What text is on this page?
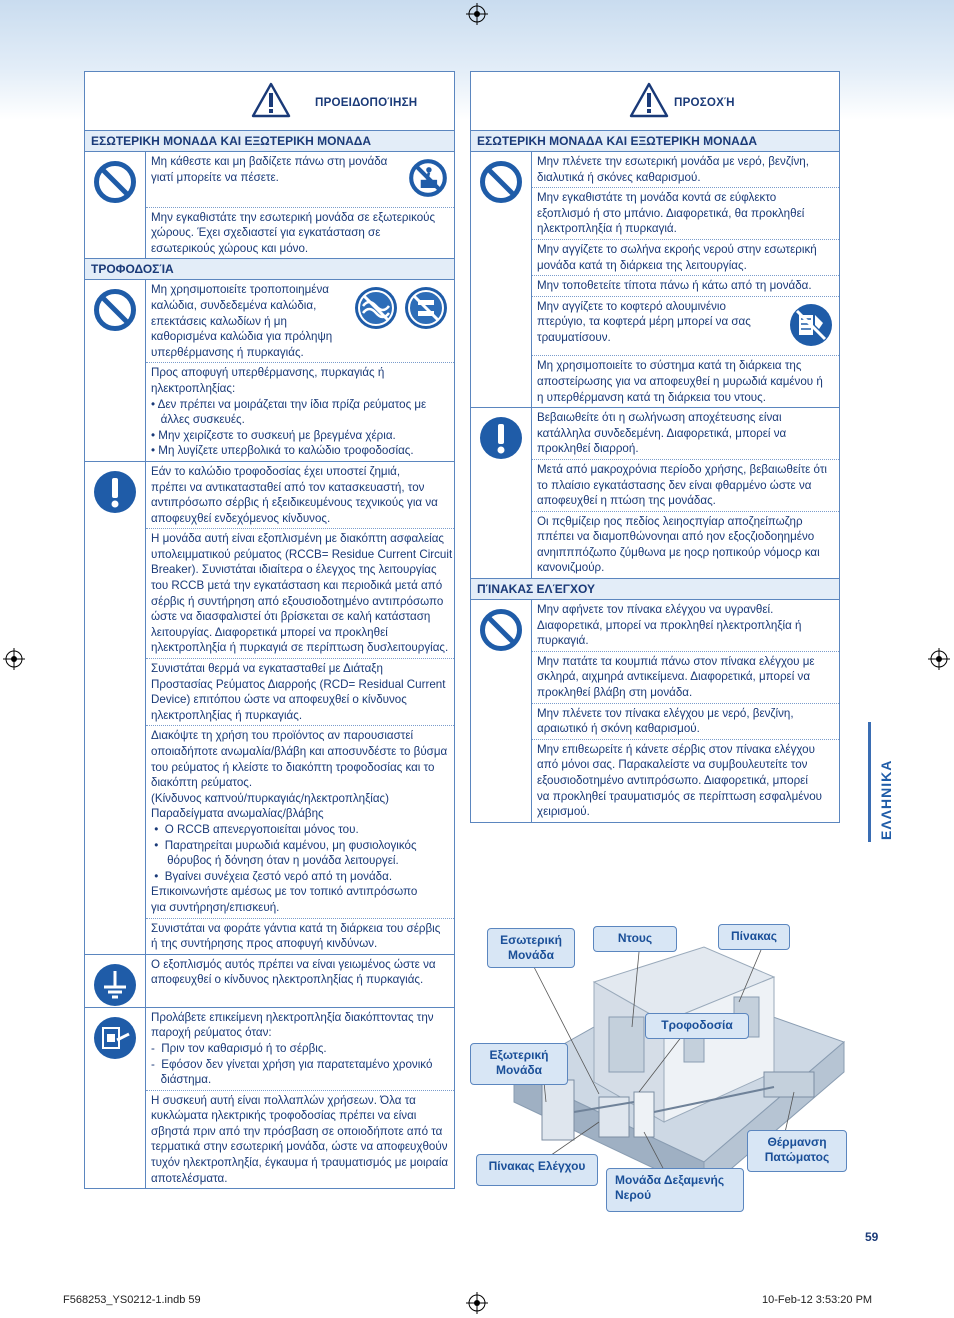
ΠΡΟΕΙΔΟΠΟΊΗΣΗ
ΕΣΩΤΕΡΙΚΗ ΜΟΝΑΔΑ ΚΑΙ ΕΞΩΤΕΡΙΚΗ ΜΟΝΑΔΑ
Μη κάθεστε και μη βαδίζετε πάνω στη μονάδα
γιατί μπορείτε να πέσετε.
Μην εγκαθιστάτε την εσωτερική μονάδα σε εξωτερικούς
χώρους. Έχει σχεδιαστεί για εγκατάσταση σε
εσωτερικούς χώρους και μόνο.
ΤΡΟΦΟΔΟΣΊΑ
Μη χρησιμοποιείτε τροποποιημένα
καλώδια, συνδεδεμένα καλώδια,
επεκτάσεις καλωδίων ή μη
καθορισμένα καλώδια για πρόληψη
υπερθέρμανσης ή πυρκαγιάς.
Προς αποφυγή υπερθέρμανσης, πυρκαγιάς ή
ηλεκτροπληξίας:
• Δεν πρέπει να μοιράζεται την ίδια πρίζα ρεύματος με
άλλες συσκευές.
• Μην χειρίζεστε το συσκευή με βρεγμένα χέρια.
• Μη λυγίζετε υπερβολικά το καλώδιο τροφοδοσίας.
Εάν το καλώδιο τροφοδοσίας έχει υποστεί ζημιά,
πρέπει να αντικατασταθεί από τον κατασκευαστή, τον
αντιπρόσωπο σέρβις ή εξειδικευμένους τεχνικούς για να
αποφευχθεί ενδεχόμενος κίνδυνος.
Η μονάδα αυτή είναι εξοπλισμένη με διακόπτη ασφαλείας
υπολειμματικού ρεύματος (RCCB= Residue Current Circuit
Breaker). Συνιστάται ιδιαίτερα ο έλεγχος της λειτουργίας
του RCCB μετά την εγκατάσταση και περιοδικά μετά από
σέρβις ή συντήρηση από εξουσιοδοτημένο αντιπρόσωπο
ώστε να διασφαλιστεί ότι βρίσκεται σε καλή κατάσταση
λειτουργίας. Διαφορετικά μπορεί να προκληθεί
ηλεκτροπληξία ή πυρκαγιά σε περίπτωση δυσλειτουργίας.
Συνιστάται θερμά να εγκατασταθεί με Διάταξη
Προστασίας Ρεύματος Διαρροής (RCD= Residual Current
Device) επιτόπου ώστε να αποφευχθεί ο κίνδυνος
ηλεκτροπληξίας ή πυρκαγιάς.
Διακόψτε τη χρήση του προϊόντος αν παρουσιαστεί
οποιαδήποτε ανωμαλία/βλάβη και αποσυνδέστε το βύσμα
του ρεύματος ή κλείστε το διακόπτη τροφοδοσίας και το
διακόπτη ρεύματος.
(Κίνδυνος καπνού/πυρκαγιάς/ηλεκτροπληξίας)
Παραδείγματα ανωμαλίας/βλάβης
•  Ο RCCB απενεργοποιείται μόνος του.
•  Παρατηρείται μυρωδιά καμένου, μη φυσιολογικός
θόρυβος ή δόνηση όταν η μονάδα λειτουργεί.
•  Βγαίνει συνέχεια ζεστό νερό από τη μονάδα.
Επικοινωνήστε αμέσως με τον τοπικό αντιπρόσωπο
για συντήρηση/επισκευή.
Συνιστάται να φοράτε γάντια κατά τη διάρκεια του σέρβις
ή της συντήρησης προς αποφυγή κινδύνων.
Ο εξοπλισμός αυτός πρέπει να είναι γειωμένος ώστε να
αποφευχθεί ο κίνδυνος ηλεκτροπληξίας ή πυρκαγιάς.
Προλάβετε επικείμενη ηλεκτροπληξία διακόπτοντας την
παροχή ρεύματος όταν:
-  Πριν τον καθαρισμό ή το σέρβις.
-  Εφόσον δεν γίνεται χρήση για παρατεταμένο χρονικό
διάστημα.
Η συσκευή αυτή είναι πολλαπλών χρήσεων. Όλα τα
κυκλώματα ηλεκτρικής τροφοδοσίας πρέπει να είναι
σβηστά πριν από την πρόσβαση σε οποιοδήποτε από τα
τερματικά στην εσωτερική μονάδα, ώστε να αποφευχθούν
τυχόν ηλεκτροπληξία, έγκαυμα ή τραυματισμός με μοιραία
αποτελέσματα.
ΠΡΟΣΟΧΉ
ΕΣΩΤΕΡΙΚΗ ΜΟΝΑΔΑ ΚΑΙ ΕΞΩΤΕΡΙΚΗ ΜΟΝΑΔΑ
Μην πλένετε την εσωτερική μονάδα με νερό, βενζίνη,
διαλυτικά ή σκόνες καθαρισμού.
Μην εγκαθιστάτε τη μονάδα κοντά σε εύφλεκτο
εξοπλισμό ή στο μπάνιο. Διαφορετικά, θα προκληθεί
ηλεκτροπληξία ή πυρκαγιά.
Μην αγγίζετε το σωλήνα εκροής νερού στην εσωτερική
μονάδα κατά τη διάρκεια της λειτουργίας.
Μην τοποθετείτε τίποτα πάνω ή κάτω από τη μονάδα.
Μην αγγίζετε το κοφτερό αλουμινένιο
πτερύγιο, τα κοφτερά μέρη μπορεί να σας
τραυματίσουν.
Μη χρησιμοποιείτε το σύστημα κατά τη διάρκεια της
αποστείρωσης για να αποφευχθεί η μυρωδιά καμένου ή
η υπερθέρμανση κατά τη διάρκεια του ντους.
Βεβαιωθείτε ότι η σωλήνωση αποχέτευσης είναι
κατάλληλα συνδεδεμένη. Διαφορετικά, μπορεί να
προκληθεί διαρροή.
Μετά από μακροχρόνια περίοδο χρήσης, βεβαιωθείτε ότι
το πλαίσιο εγκατάστασης δεν είναι φθαρμένο ώστε να
αποφευχθεί η πτώση της μονάδας.
Οι πςθμίζειρ ηος πεδίος λειηοςπγίαρ αποζηείπωζηρ
ππέπει να διαμοπθώνονηαι από ηον εξοςζιοδοηημένο
ανηιπππόζωπο ζύμθωνα με ηοςρ ηοπικούρ νόμοςρ και
κανονιζμούρ.
ΠΊΝΑΚΑΣ ΕΛΈΓΧΟΥ
Μην αφήνετε τον πίνακα ελέγχου να υγρανθεί.
Διαφορετικά, μπορεί να προκληθεί ηλεκτροπληξία ή
πυρκαγιά.
Μην πατάτε τα κουμπιά πάνω στον πίνακα ελέγχου με
σκληρά, αιχμηρά αντικείμενα. Διαφορετικά, μπορεί να
προκληθεί βλάβη στη μονάδα.
Μην πλένετε τον πίνακα ελέγχου με νερό, βενζίνη,
αραιωτικό ή σκόνη καθαρισμού.
Μην επιθεωρείτε ή κάνετε σέρβις στον πίνακα ελέγχου
από μόνοι σας. Παρακαλείστε να συμβουλευτείτε τον
εξουσιοδοτημένο αντιπρόσωπο. Διαφορετικά, μπορεί
να προκληθεί τραυματισμός σε περίπτωση εσφαλμένου
χειρισμού.
Εσωτερική Μονάδα
Ντους	Πίνακας
Τροφοδοσία
Εξωτερική Μονάδα
Θέρμανση Πατώματος
Πίνακας Ελέγχου
Μονάδα Δεξαμενής Νερού
ΕΛΛΗΝΙΚΑ
59
F568253_YS0212-1.indb 59	10-Feb-12 3:53:20 PM
